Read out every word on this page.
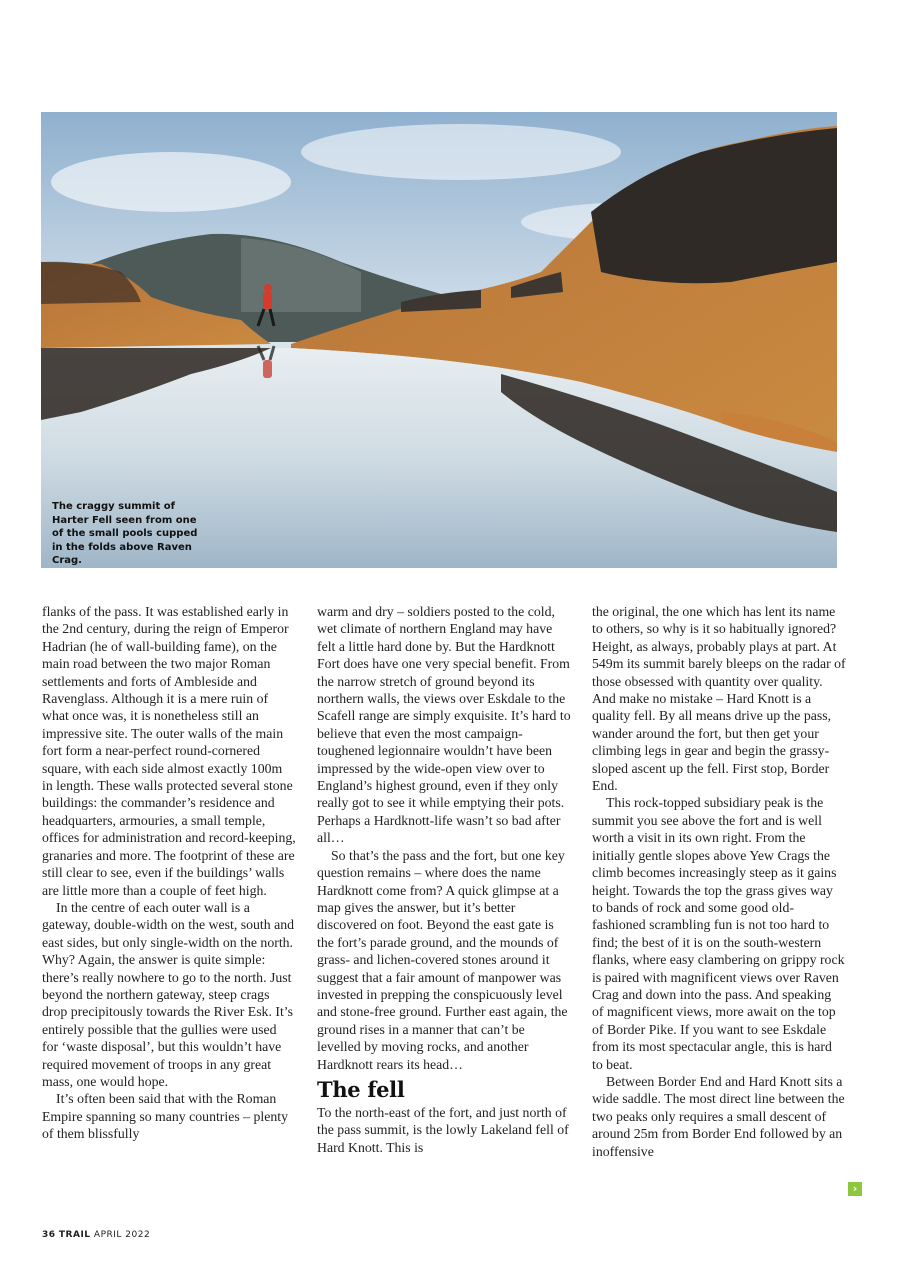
The craggy summit of Harter Fell seen from one of the small pools cupped in the folds above Raven Crag.

flanks of the pass. It was established early in the 2nd century, during the reign of Emperor Hadrian (he of wall-building fame), on the main road between the two major Roman settlements and forts of Ambleside and Ravenglass. Although it is a mere ruin of what once was, it is nonetheless still an impressive site. The outer walls of the main fort form a near-perfect round-cornered square, with each side almost exactly 100m in length. These walls protected several stone buildings: the commander’s residence and headquarters, armouries, a small temple, offices for administration and record-keeping, granaries and more. The footprint of these are still clear to see, even if the buildings’ walls are little more than a couple of feet high.

In the centre of each outer wall is a gateway, double-width on the west, south and east sides, but only single-width on the north. Why? Again, the answer is quite simple: there’s really nowhere to go to the north. Just beyond the northern gateway, steep crags drop precipitously towards the River Esk. It’s entirely possible that the gullies were used for ‘waste disposal’, but this wouldn’t have required movement of troops in any great mass, one would hope.

It’s often been said that with the Roman Empire spanning so many countries – plenty of them blissfully

warm and dry – soldiers posted to the cold, wet climate of northern England may have felt a little hard done by. But the Hardknott Fort does have one very special benefit. From the narrow stretch of ground beyond its northern walls, the views over Eskdale to the Scafell range are simply exquisite. It’s hard to believe that even the most campaign-toughened legionnaire wouldn’t have been impressed by the wide-open view over to England’s highest ground, even if they only really got to see it while emptying their pots. Perhaps a Hardknott-life wasn’t so bad after all…

So that’s the pass and the fort, but one key question remains – where does the name Hardknott come from? A quick glimpse at a map gives the answer, but it’s better discovered on foot. Beyond the east gate is the fort’s parade ground, and the mounds of grass- and lichen-covered stones around it suggest that a fair amount of manpower was invested in prepping the conspicuously level and stone-free ground. Further east again, the ground rises in a manner that can’t be levelled by moving rocks, and another Hardknott rears its head…

The fell

To the north-east of the fort, and just north of the pass summit, is the lowly Lakeland fell of Hard Knott. This is

the original, the one which has lent its name to others, so why is it so habitually ignored? Height, as always, probably plays at part. At 549m its summit barely bleeps on the radar of those obsessed with quantity over quality. And make no mistake – Hard Knott is a quality fell. By all means drive up the pass, wander around the fort, but then get your climbing legs in gear and begin the grassy-sloped ascent up the fell. First stop, Border End.

This rock-topped subsidiary peak is the summit you see above the fort and is well worth a visit in its own right. From the initially gentle slopes above Yew Crags the climb becomes increasingly steep as it gains height. Towards the top the grass gives way to bands of rock and some good old-fashioned scrambling fun is not too hard to find; the best of it is on the south-western flanks, where easy clambering on grippy rock is paired with magnificent views over Raven Crag and down into the pass. And speaking of magnificent views, more await on the top of Border Pike. If you want to see Eskdale from its most spectacular angle, this is hard to beat.

Between Border End and Hard Knott sits a wide saddle. The most direct line between the two peaks only requires a small descent of around 25m from Border End followed by an inoffensive

›
36 TRAIL APRIL 2022
